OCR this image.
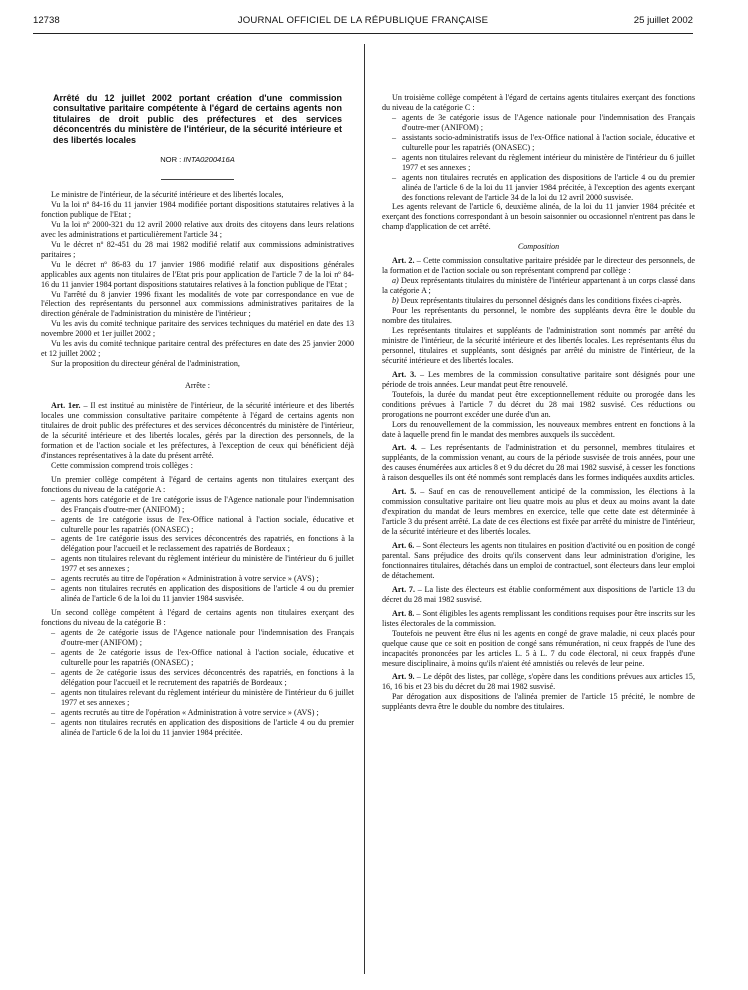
12738	JOURNAL OFFICIEL DE LA RÉPUBLIQUE FRANÇAISE	25 juillet 2002
Arrêté du 12 juillet 2002 portant création d'une commission consultative paritaire compétente à l'égard de certains agents non titulaires de droit public des préfectures et des services déconcentrés du ministère de l'intérieur, de la sécurité intérieure et des libertés locales
NOR : INTA0200416A

Le ministre de l'intérieur, de la sécurité intérieure et des libertés locales,

Vu la loi nº 84-16 du 11 janvier 1984 modifiée portant dispositions statutaires relatives à la fonction publique de l'Etat ;

Vu la loi nº 2000-321 du 12 avril 2000 relative aux droits des citoyens dans leurs relations avec les administrations et particulièrement l'article 34 ;

Vu le décret nº 82-451 du 28 mai 1982 modifié relatif aux commissions administratives paritaires ;

Vu le décret nº 86-83 du 17 janvier 1986 modifié relatif aux dispositions générales applicables aux agents non titulaires de l'Etat pris pour application de l'article 7 de la loi nº 84-16 du 11 janvier 1984 portant dispositions statutaires relatives à la fonction publique de l'Etat ;

Vu l'arrêté du 8 janvier 1996 fixant les modalités de vote par correspondance en vue de l'élection des représentants du personnel aux commissions administratives paritaires de la direction générale de l'administration du ministère de l'intérieur ;

Vu les avis du comité technique paritaire des services techniques du matériel en date des 13 novembre 2000 et 1er juillet 2002 ;

Vu les avis du comité technique paritaire central des préfectures en date des 25 janvier 2000 et 12 juillet 2002 ;

Sur la proposition du directeur général de l'administration,

Arrête :

Art. 1er. – Il est institué au ministère de l'intérieur, de la sécurité intérieure et des libertés locales une commission consultative paritaire compétente à l'égard de certains agents non titulaires de droit public des préfectures et des services déconcentrés du ministère de l'intérieur, de la sécurité intérieure et des libertés locales, gérés par la direction des personnels, de la formation et de l'action sociale et les préfectures, à l'exception de ceux qui bénéficient déjà d'instances représentatives à la date du présent arrêté.

Cette commission comprend trois collèges :

Un premier collège compétent à l'égard de certains agents non titulaires exerçant des fonctions du niveau de la catégorie A :

– agents hors catégorie et de 1re catégorie issus de l'Agence nationale pour l'indemnisation des Français d'outre-mer (ANIFOM) ;
– agents de 1re catégorie issus de l'ex-Office national à l'action sociale, éducative et culturelle pour les rapatriés (ONASEC) ;
– agents de 1re catégorie issus des services déconcentrés des rapatriés, en fonctions à la délégation pour l'accueil et le reclassement des rapatriés de Bordeaux ;
– agents non titulaires relevant du règlement intérieur du ministère de l'intérieur du 6 juillet 1977 et ses annexes ;
– agents recrutés au titre de l'opération « Administration à votre service » (AVS) ;
– agents non titulaires recrutés en application des dispositions de l'article 4 ou du premier alinéa de l'article 6 de la loi du 11 janvier 1984 susvisée.

Un second collège compétent à l'égard de certains agents non titulaires exerçant des fonctions du niveau de la catégorie B :

– agents de 2e catégorie issus de l'Agence nationale pour l'indemnisation des Français d'outre-mer (ANIFOM) ;
– agents de 2e catégorie issus de l'ex-Office national à l'action sociale, éducative et culturelle pour les rapatriés (ONASEC) ;
– agents de 2e catégorie issus des services déconcentrés des rapatriés, en fonctions à la délégation pour l'accueil et le recrutement des rapatriés de Bordeaux ;
– agents non titulaires relevant du règlement intérieur du ministère de l'intérieur du 6 juillet 1977 et ses annexes ;
– agents recrutés au titre de l'opération « Administration à votre service » (AVS) ;
– agents non titulaires recrutés en application des dispositions de l'article 4 ou du premier alinéa de l'article 6 de la loi du 11 janvier 1984 précitée.

Un troisième collège compétent à l'égard de certains agents titulaires exerçant des fonctions du niveau de la catégorie C :

– agents de 3e catégorie issus de l'Agence nationale pour l'indemnisation des Français d'outre-mer (ANIFOM) ;
– assistants socio-administratifs issus de l'ex-Office national à l'action sociale, éducative et culturelle pour les rapatriés (ONASEC) ;
– agents non titulaires relevant du règlement intérieur du ministère de l'intérieur du 6 juillet 1977 et ses annexes ;
– agents non titulaires recrutés en application des dispositions de l'article 4 ou du premier alinéa de l'article 6 de la loi du 11 janvier 1984 précitée, à l'exception des agents exerçant des fonctions relevant de l'article 34 de la loi du 12 avril 2000 susvisée.

Les agents relevant de l'article 6, deuxième alinéa, de la loi du 11 janvier 1984 précitée et exerçant des fonctions correspondant à un besoin saisonnier ou occasionnel n'entrent pas dans le champ d'application de cet arrêté.

Composition

Art. 2. – Cette commission consultative paritaire présidée par le directeur des personnels, de la formation et de l'action sociale ou son représentant comprend par collège :

a) Deux représentants titulaires du ministère de l'intérieur appartenant à un corps classé dans la catégorie A ;

b) Deux représentants titulaires du personnel désignés dans les conditions fixées ci-après.

Pour les représentants du personnel, le nombre des suppléants devra être le double du nombre des titulaires.

Les représentants titulaires et suppléants de l'administration sont nommés par arrêté du ministre de l'intérieur, de la sécurité intérieure et des libertés locales. Les représentants élus du personnel, titulaires et suppléants, sont désignés par arrêté du ministre de l'intérieur, de la sécurité intérieure et des libertés locales.

Art. 3. – Les membres de la commission consultative paritaire sont désignés pour une période de trois années. Leur mandat peut être renouvelé.

Toutefois, la durée du mandat peut être exceptionnellement réduite ou prorogée dans les conditions prévues à l'article 7 du décret du 28 mai 1982 susvisé. Ces réductions ou prorogations ne pourront excéder une durée d'un an.

Lors du renouvellement de la commission, les nouveaux membres entrent en fonctions à la date à laquelle prend fin le mandat des membres auxquels ils succèdent.

Art. 4. – Les représentants de l'administration et du personnel, membres titulaires et suppléants, de la commission venant, au cours de la période susvisée de trois années, pour une des causes énumérées aux articles 8 et 9 du décret du 28 mai 1982 susvisé, à cesser les fonctions à raison desquelles ils ont été nommés sont remplacés dans les formes indiquées auxdits articles.

Art. 5. – Sauf en cas de renouvellement anticipé de la commission, les élections à la commission consultative paritaire ont lieu quatre mois au plus et deux au moins avant la date d'expiration du mandat de leurs membres en exercice, telle que cette date est déterminée à l'article 3 du présent arrêté. La date de ces élections est fixée par arrêté du ministre de l'intérieur, de la sécurité intérieure et des libertés locales.

Art. 6. – Sont électeurs les agents non titulaires en position d'activité ou en position de congé parental. Sans préjudice des droits qu'ils conservent dans leur administration d'origine, les fonctionnaires titulaires, détachés dans un emploi de contractuel, sont électeurs dans leur emploi de détachement.

Art. 7. – La liste des électeurs est établie conformément aux dispositions de l'article 13 du décret du 28 mai 1982 susvisé.

Art. 8. – Sont éligibles les agents remplissant les conditions requises pour être inscrits sur les listes électorales de la commission.

Toutefois ne peuvent être élus ni les agents en congé de grave maladie, ni ceux placés pour quelque cause que ce soit en position de congé sans rémunération, ni ceux frappés de l'une des incapacités prononcées par les articles L. 5 à L. 7 du code électoral, ni ceux frappés d'une mesure disciplinaire, à moins qu'ils n'aient été amnistiés ou relevés de leur peine.

Art. 9. – Le dépôt des listes, par collège, s'opère dans les conditions prévues aux articles 15, 16, 16 bis et 23 bis du décret du 28 mai 1982 susvisé.

Par dérogation aux dispositions de l'alinéa premier de l'article 15 précité, le nombre de suppléants devra être le double du nombre des titulaires.
